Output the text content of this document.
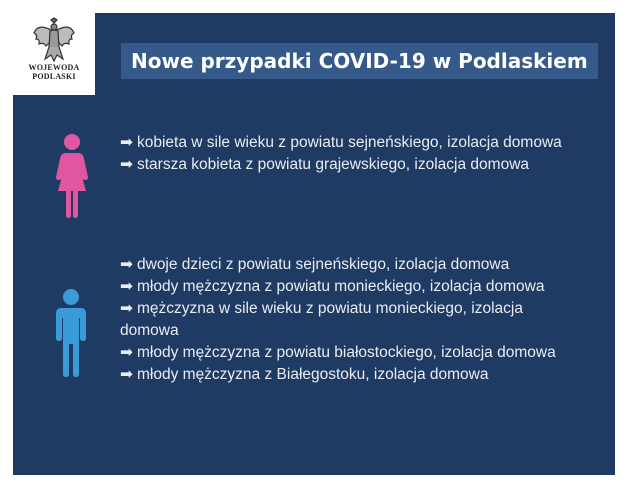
WOJEWODA
PODLASKI
Nowe przypadki COVID-19 w Podlaskiem

➡ kobieta w sile wieku z powiatu sejneńskiego, izolacja domowa

➡ starsza kobieta z powiatu grajewskiego, izolacja domowa

➡ dwoje dzieci z powiatu sejneńskiego, izolacja domowa

➡ młody mężczyzna z powiatu monieckiego, izolacja domowa

➡ mężczyzna w sile wieku z powiatu monieckiego, izolacja domowa

➡ młody mężczyzna z powiatu białostockiego, izolacja domowa

➡ młody mężczyzna z Białegostoku, izolacja domowa
